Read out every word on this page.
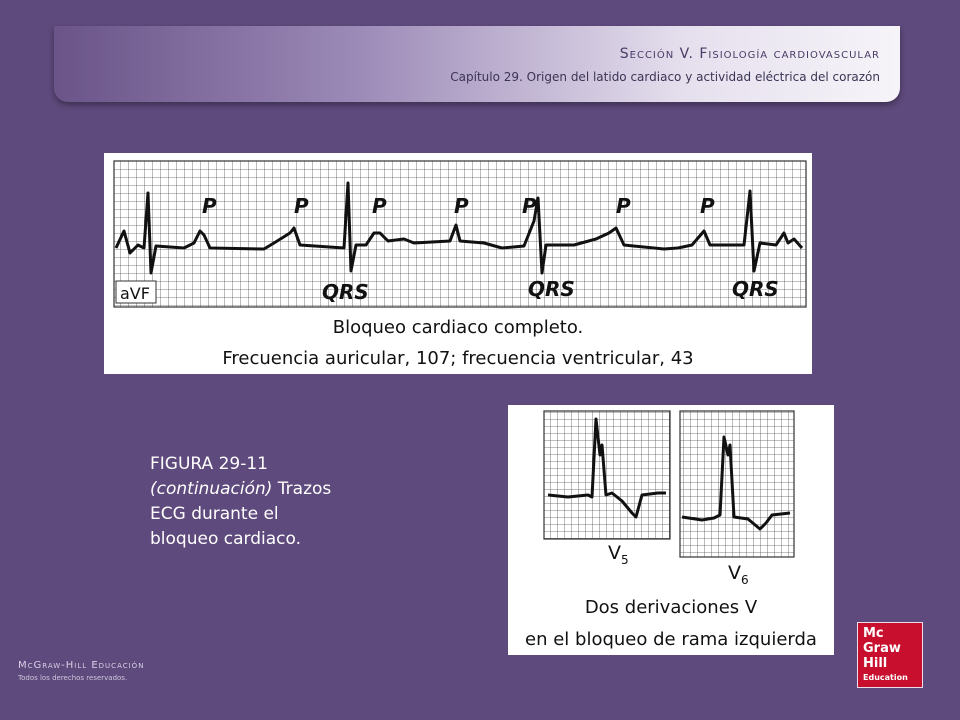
Sección V. Fisiología cardiovascular
Capítulo 29. Origen del latido cardiaco y actividad eléctrica del corazón
P	P	P	P	P	P	P
QRS	QRS	QRS
aVF
Bloqueo cardiaco completo.
Frecuencia auricular, 107; frecuencia ventricular, 43
$V_5$
$V_6$
Dos derivaciones V
en el bloqueo de rama izquierda
FIGURA 29-11
(continuación) Trazos
ECG durante el
bloqueo cardiaco.
McGraw-Hill Educación
Todos los derechos reservados.
Mc
Graw
Hill
Education
